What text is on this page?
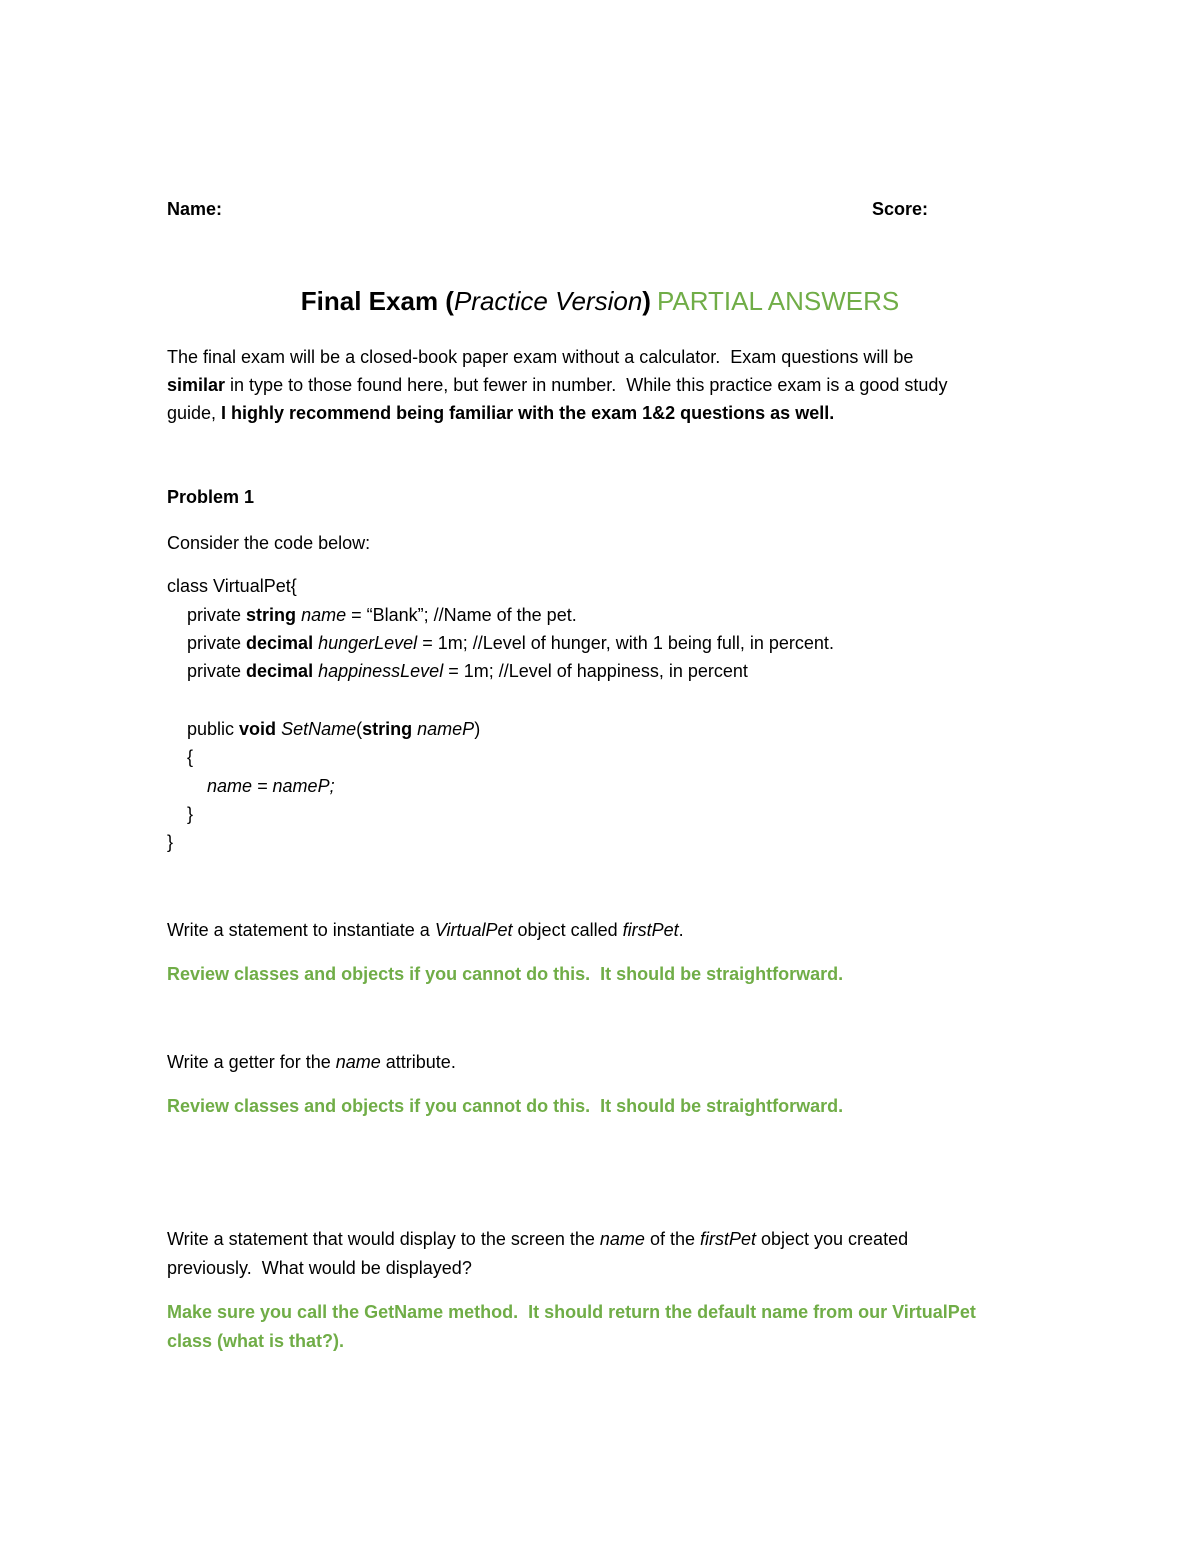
Name:	Score:
Final Exam (Practice Version) PARTIAL ANSWERS
The final exam will be a closed-book paper exam without a calculator.  Exam questions will be
similar in type to those found here, but fewer in number.  While this practice exam is a good study
guide, I highly recommend being familiar with the exam 1&2 questions as well.
Problem 1
Consider the code below:
class VirtualPet{
private string name = “Blank”; //Name of the pet.
private decimal hungerLevel = 1m; //Level of hunger, with 1 being full, in percent.
private decimal happinessLevel = 1m; //Level of happiness, in percent
public void SetName(string nameP)
{
name = nameP;
}
}
Write a statement to instantiate a VirtualPet object called firstPet.
Review classes and objects if you cannot do this.  It should be straightforward.
Write a getter for the name attribute.
Review classes and objects if you cannot do this.  It should be straightforward.
Write a statement that would display to the screen the name of the firstPet object you created
previously.  What would be displayed?
Make sure you call the GetName method.  It should return the default name from our VirtualPet
class (what is that?).
